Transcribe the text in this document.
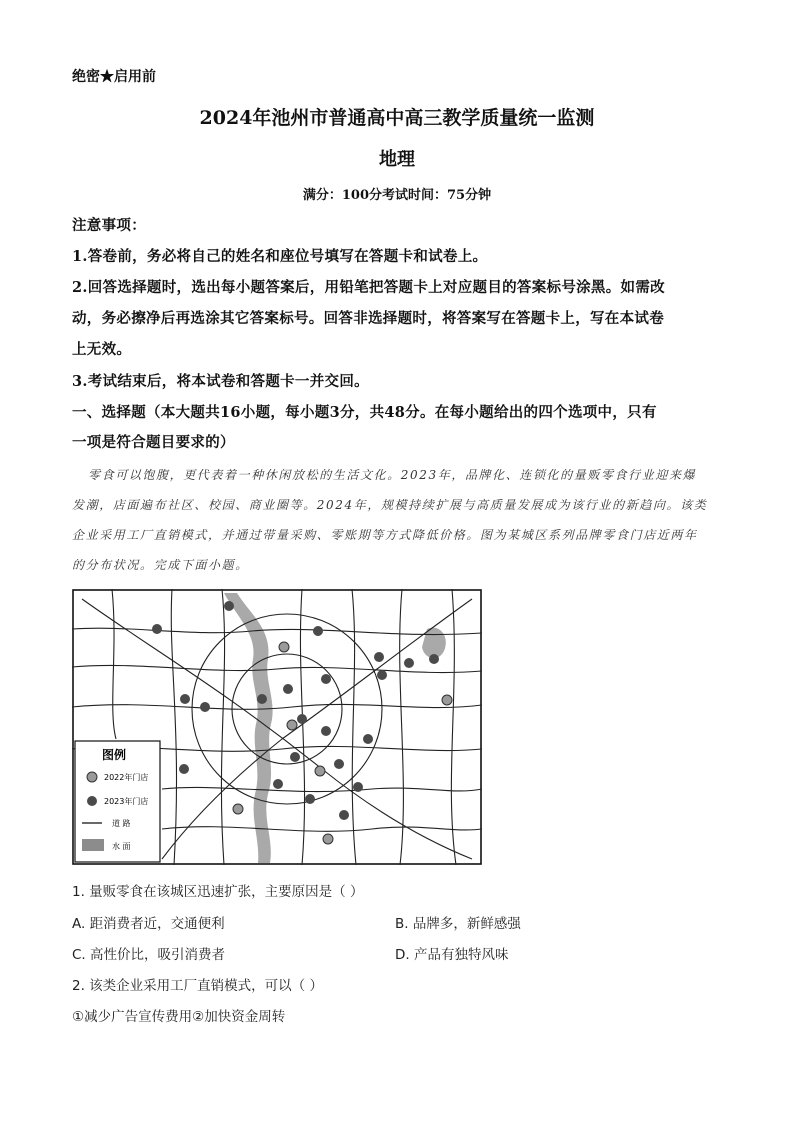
绝密★启用前
2024年池州市普通高中高三教学质量统一监测
地理
满分：100分考试时间：75分钟
注意事项：
1.答卷前，务必将自己的姓名和座位号填写在答题卡和试卷上。
2.回答选择题时，选出每小题答案后，用铅笔把答题卡上对应题目的答案标号涂黑。如需改
动，务必擦净后再选涂其它答案标号。回答非选择题时，将答案写在答题卡上，写在本试卷
上无效。
3.考试结束后，将本试卷和答题卡一并交回。
一、选择题（本大题共16小题，每小题3分，共48分。在每小题给出的四个选项中，只有
一项是符合题目要求的）
零食可以饱腹，更代表着一种休闲放松的生活文化。2023年，品牌化、连锁化的量贩零食行业迎来爆
发潮，店面遍布社区、校园、商业圈等。2024年，规模持续扩展与高质量发展成为该行业的新趋向。该类
企业采用工厂直销模式，并通过带量采购、零账期等方式降低价格。图为某城区系列品牌零食门店近两年
的分布状况。完成下面小题。
图例
2022年门店
2023年门店
道 路
水 面
1. 量贩零食在该城区迅速扩张，主要原因是（ ）
A. 距消费者近，交通便利	B. 品牌多，新鲜感强
C. 高性价比，吸引消费者	D. 产品有独特风味
2. 该类企业采用工厂直销模式，可以（ ）
①减少广告宣传费用②加快资金周转
